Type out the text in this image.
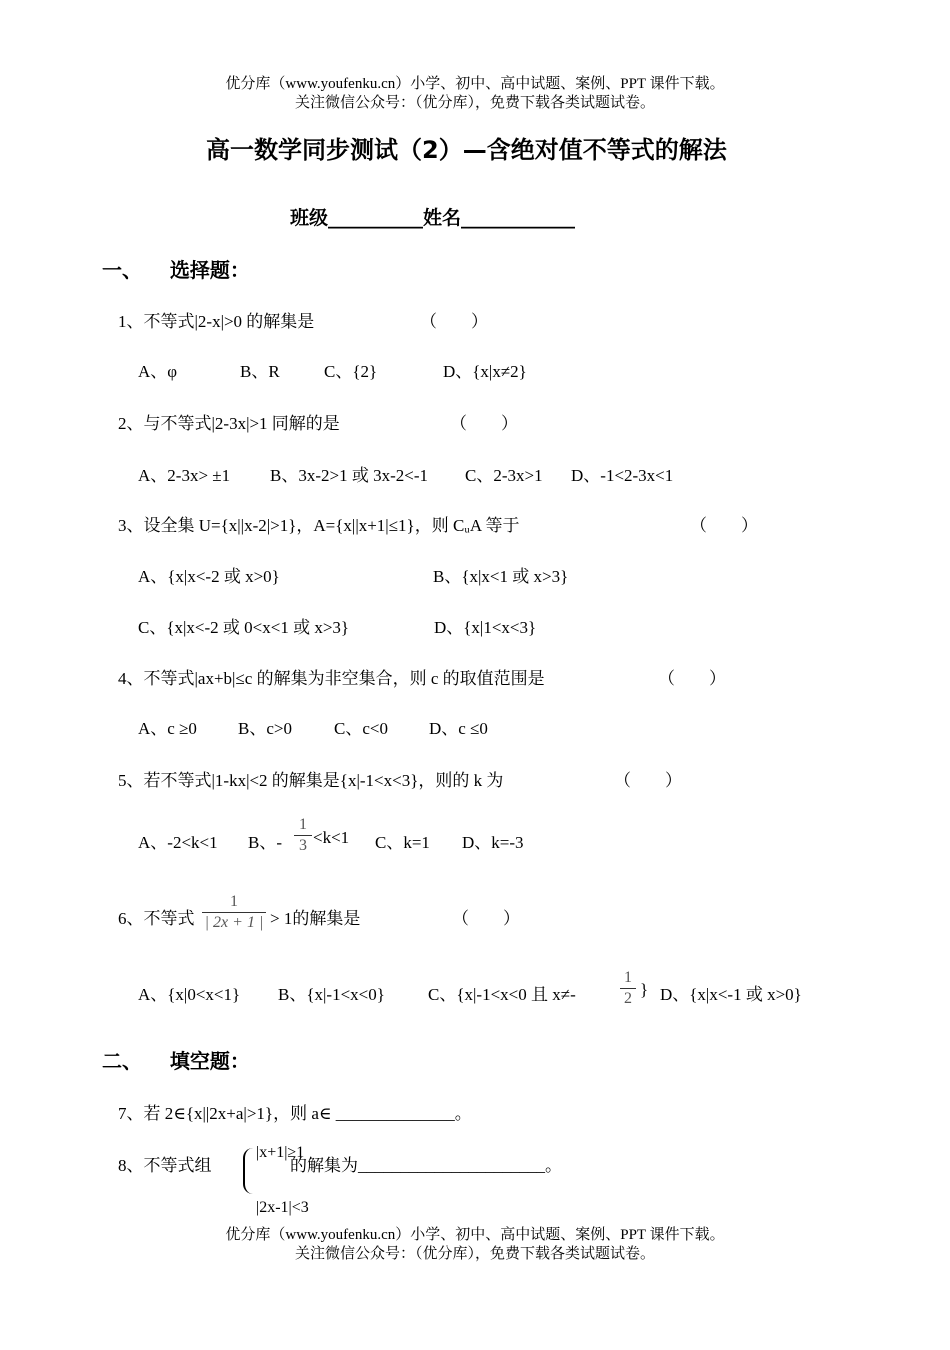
优分库（www.youfenku.cn）小学、初中、高中试题、案例、PPT 课件下载。
关注微信公众号：（优分库），免费下载各类试题试卷。
高一数学同步测试（2）—含绝对值不等式的解法
班级__________姓名____________
一、    选择题：
1、不等式|2-x|>0 的解集是	（        ）
A、φ	B、R	C、{2}	D、{x|x≠2}
2、与不等式|2-3x|>1 同解的是	（        ）
A、2-3x> ±1 B、3x-2>1 或 3x-2<-1 C、2-3x>1 D、-1<2-3x<1
3、设全集 U={x||x-2|>1}，A={x||x+1|≤1}，则 CᵤA 等于	（        ）
A、{x|x<-2 或 x>0}	B、{x|x<1 或 x>3}
C、{x|x<-2 或 0<x<1 或 x>3}	D、{x|1<x<3}
4、不等式|ax+b|≤c 的解集为非空集合，则 c 的取值范围是	（        ）
A、c ≥0 B、c>0 C、c<0 D、c ≤0
5、若不等式|1-kx|<2 的解集是{x|-1<x<3}，则的 k 为	（        ）
A、-2<k<1 B、-
1
3 <k<1 C、k=1 D、k=-3
6、不等式
1
| 2x + 1 | > 1的解集是	（        ）
A、{x|0<x<1} B、{x|-1<x<0}	C、{x|-1<x<0 且 x≠-
1
2 } D、{x|x<-1 或 x>0}
二、    填空题：
7、若 2∈{x||2x+a|>1}，则 a∈ ______________。
8、不等式组
|x+1|≥1
的解集为______________________。
|2x-1|<3
优分库（www.youfenku.cn）小学、初中、高中试题、案例、PPT 课件下载。
关注微信公众号：（优分库），免费下载各类试题试卷。
